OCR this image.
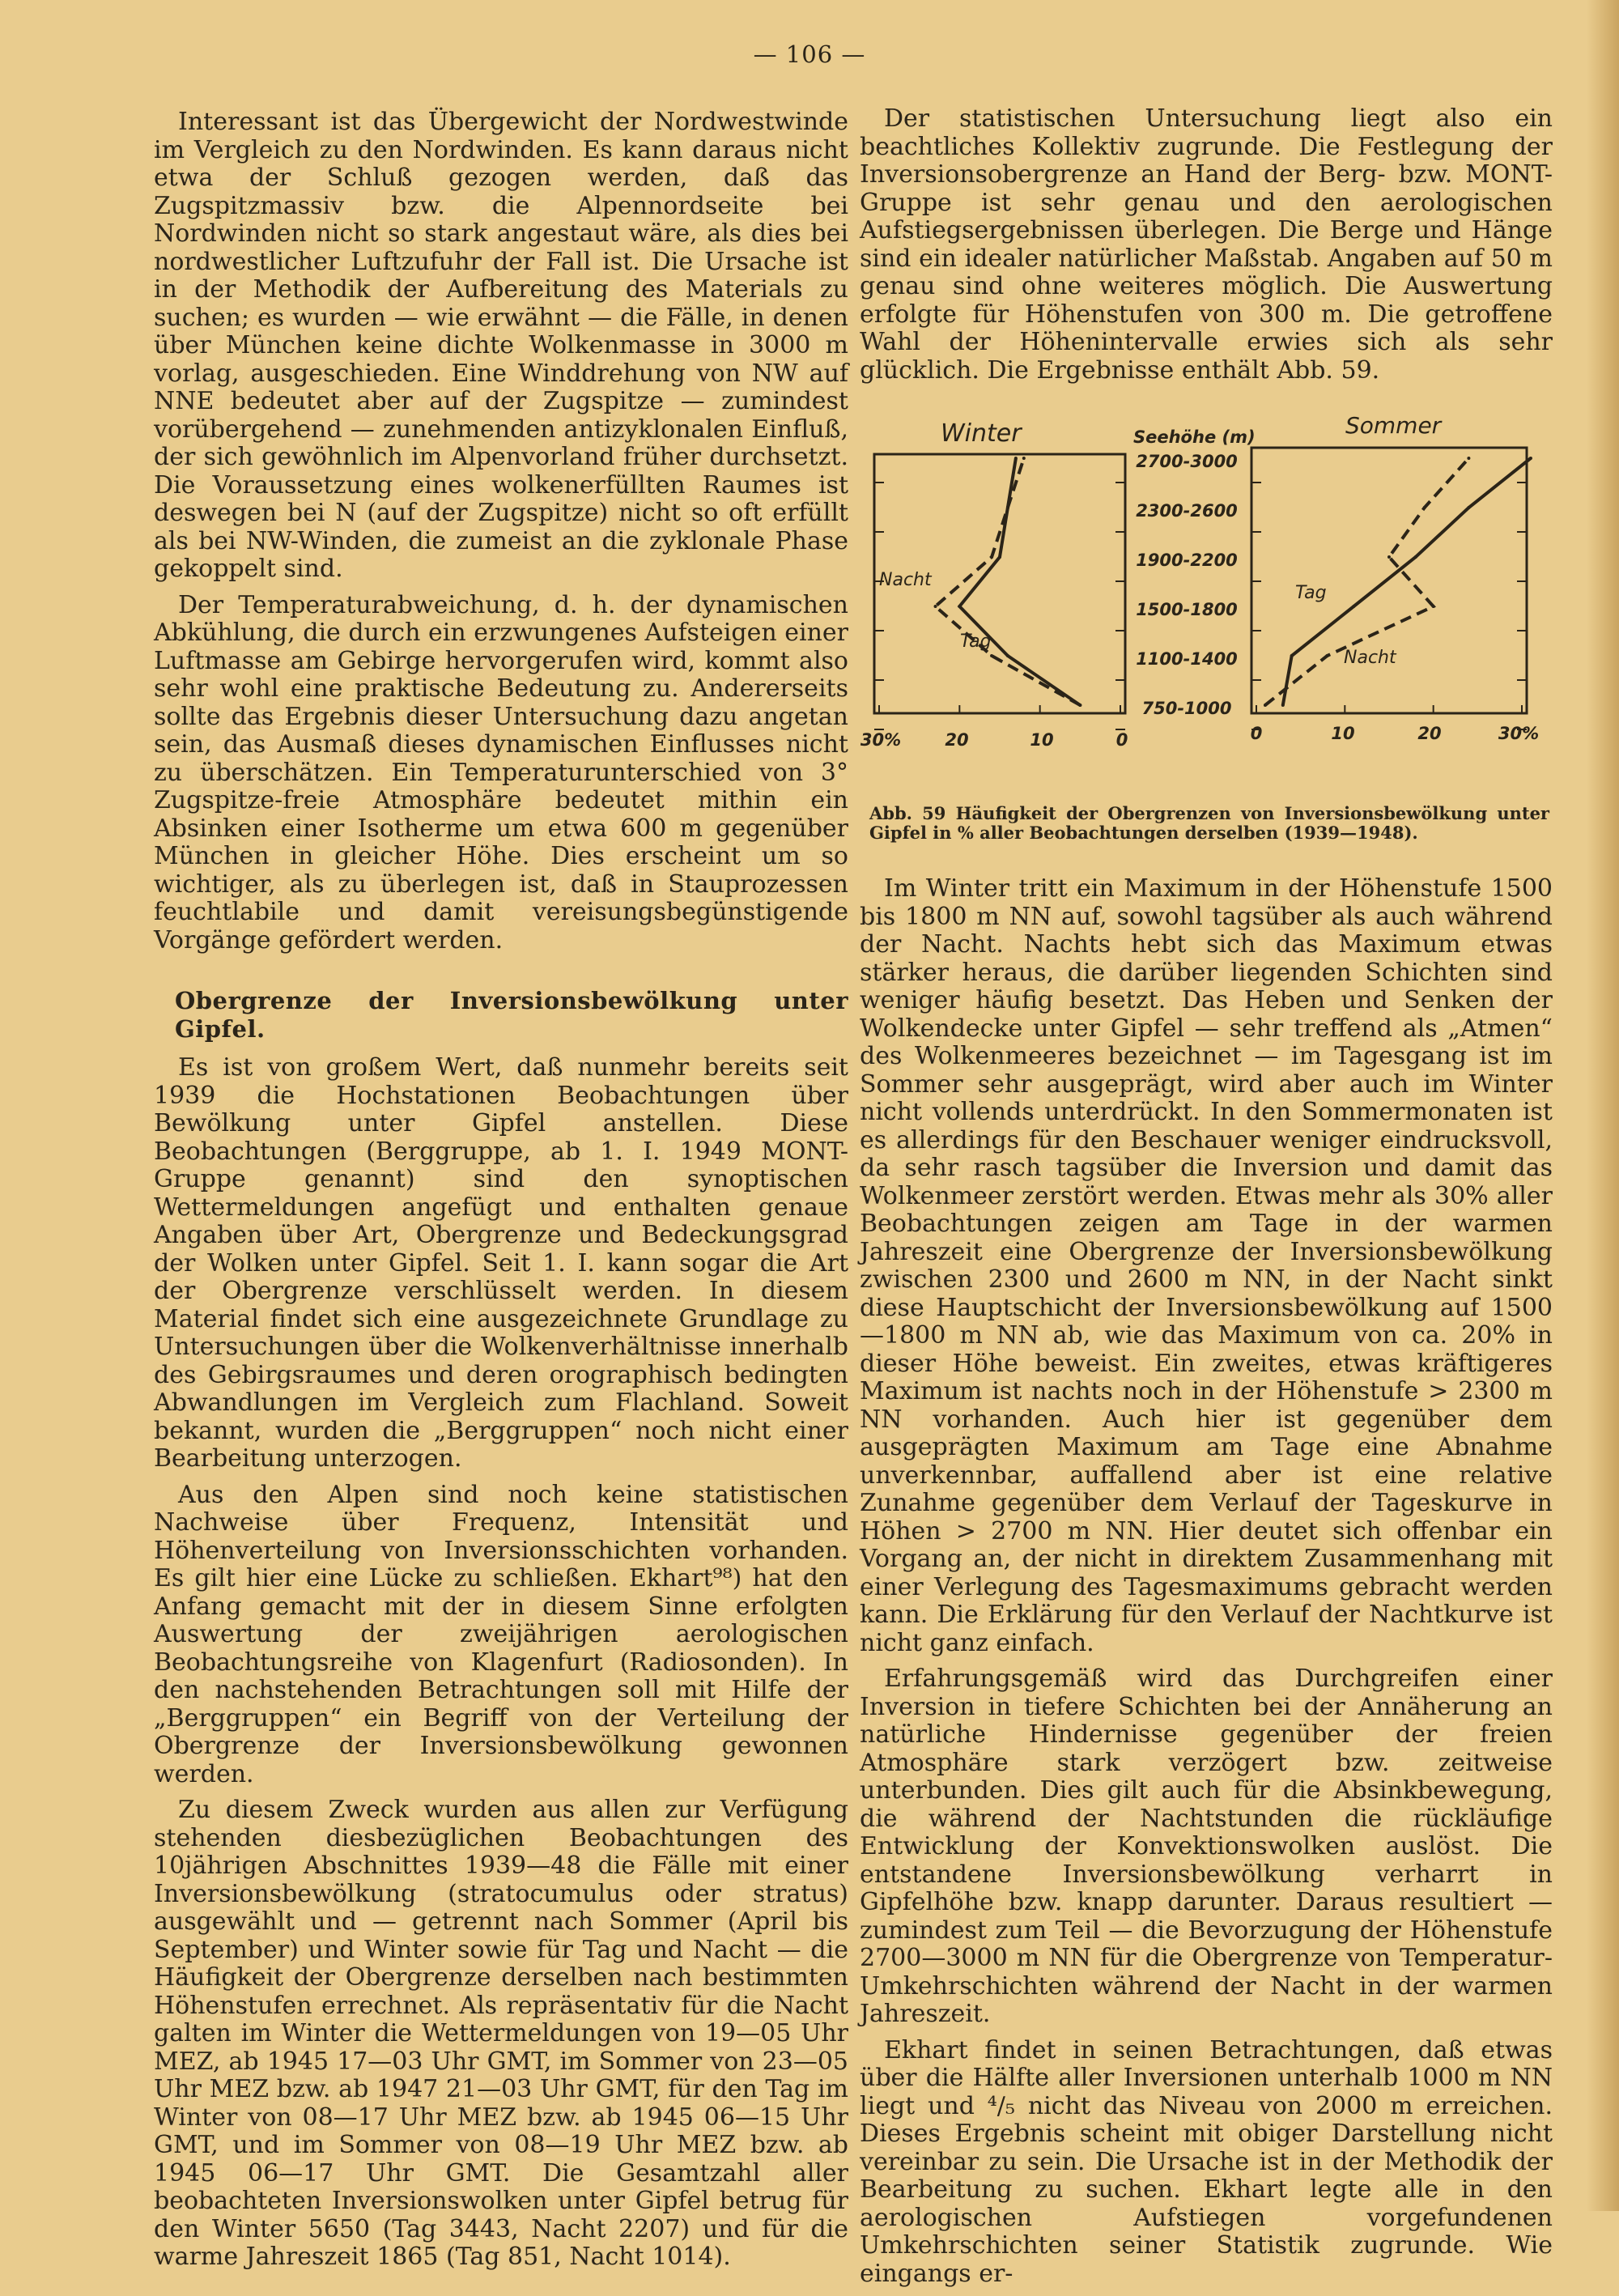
— 106 —

Interessant ist das Übergewicht der Nordwestwinde im Vergleich zu den Nordwinden. Es kann daraus nicht etwa der Schluß gezogen werden, daß das Zugspitzmassiv bzw. die Alpennordseite bei Nordwinden nicht so stark angestaut wäre, als dies bei nordwestlicher Luftzufuhr der Fall ist. Die Ursache ist in der Methodik der Aufbereitung des Materials zu suchen; es wurden — wie erwähnt — die Fälle, in denen über München keine dichte Wolkenmasse in 3000 m vorlag, ausgeschieden. Eine Winddrehung von NW auf NNE bedeutet aber auf der Zugspitze — zumindest vorübergehend — zunehmenden antizyklonalen Einfluß, der sich gewöhnlich im Alpenvorland früher durchsetzt. Die Voraussetzung eines wolkenerfüllten Raumes ist deswegen bei N (auf der Zugspitze) nicht so oft erfüllt als bei NW-Winden, die zumeist an die zyklonale Phase gekoppelt sind.

Der Temperaturabweichung, d. h. der dynamischen Abkühlung, die durch ein erzwungenes Aufsteigen einer Luftmasse am Gebirge hervorgerufen wird, kommt also sehr wohl eine praktische Bedeutung zu. Andererseits sollte das Ergebnis dieser Untersuchung dazu angetan sein, das Ausmaß dieses dynamischen Einflusses nicht zu überschätzen. Ein Temperaturunterschied von 3° Zugspitze-freie Atmosphäre bedeutet mithin ein Absinken einer Isotherme um etwa 600 m gegenüber München in gleicher Höhe. Dies erscheint um so wichtiger, als zu überlegen ist, daß in Stauprozessen feuchtlabile und damit vereisungsbegünstigende Vorgänge gefördert werden.

Obergrenze der Inversionsbewölkung unter Gipfel.

Es ist von großem Wert, daß nunmehr bereits seit 1939 die Hochstationen Beobachtungen über Bewölkung unter Gipfel anstellen. Diese Beobachtungen (Berggruppe, ab 1. I. 1949 MONT-Gruppe genannt) sind den synoptischen Wettermeldungen angefügt und enthalten genaue Angaben über Art, Obergrenze und Bedeckungsgrad der Wolken unter Gipfel. Seit 1. I. kann sogar die Art der Obergrenze verschlüsselt werden. In diesem Material findet sich eine ausgezeichnete Grundlage zu Untersuchungen über die Wolkenverhältnisse innerhalb des Gebirgsraumes und deren orographisch bedingten Abwandlungen im Vergleich zum Flachland. Soweit bekannt, wurden die „Berggruppen“ noch nicht einer Bearbeitung unterzogen.

Aus den Alpen sind noch keine statistischen Nachweise über Frequenz, Intensität und Höhenverteilung von Inversionsschichten vorhanden. Es gilt hier eine Lücke zu schließen. Ekhart⁹⁸) hat den Anfang gemacht mit der in diesem Sinne erfolgten Auswertung der zweijährigen aerologischen Beobachtungsreihe von Klagenfurt (Radiosonden). In den nachstehenden Betrachtungen soll mit Hilfe der „Berggruppen“ ein Begriff von der Verteilung der Obergrenze der Inversionsbewölkung gewonnen werden.

Zu diesem Zweck wurden aus allen zur Verfügung stehenden diesbezüglichen Beobachtungen des 10jährigen Abschnittes 1939—48 die Fälle mit einer Inversionsbewölkung (stratocumulus oder stratus) ausgewählt und — getrennt nach Sommer (April bis September) und Winter sowie für Tag und Nacht — die Häufigkeit der Obergrenze derselben nach bestimmten Höhenstufen errechnet. Als repräsentativ für die Nacht galten im Winter die Wettermeldungen von 19—05 Uhr MEZ, ab 1945 17—03 Uhr GMT, im Sommer von 23—05 Uhr MEZ bzw. ab 1947 21—03 Uhr GMT, für den Tag im Winter von 08—17 Uhr MEZ bzw. ab 1945 06—15 Uhr GMT, und im Sommer von 08—19 Uhr MEZ bzw. ab 1945 06—17 Uhr GMT. Die Gesamtzahl aller beobachteten Inversionswolken unter Gipfel betrug für den Winter 5650 (Tag 3443, Nacht 2207) und für die warme Jahreszeit 1865 (Tag 851, Nacht 1014).

Der statistischen Untersuchung liegt also ein beachtliches Kollektiv zugrunde. Die Festlegung der Inversionsobergrenze an Hand der Berg- bzw. MONT-Gruppe ist sehr genau und den aerologischen Aufstiegsergebnissen überlegen. Die Berge und Hänge sind ein idealer natürlicher Maßstab. Angaben auf 50 m genau sind ohne weiteres möglich. Die Auswertung erfolgte für Höhenstufen von 300 m. Die getroffene Wahl der Höhenintervalle erwies sich als sehr glücklich. Die Ergebnisse enthält Abb. 59.

Winter	Sommer
Seehöhe (m)
2700-3000
2300-2600
1900-2200
1500-1800
1100-1400
750-1000
30%	20	10	0	0	10	20	30%
Nacht
Tag
Tag
Nacht
Abb. 59 Häufigkeit der Obergrenzen von Inversionsbewölkung unter Gipfel in % aller Beobachtungen derselben (1939—1948).

Im Winter tritt ein Maximum in der Höhenstufe 1500 bis 1800 m NN auf, sowohl tagsüber als auch während der Nacht. Nachts hebt sich das Maximum etwas stärker heraus, die darüber liegenden Schichten sind weniger häufig besetzt. Das Heben und Senken der Wolkendecke unter Gipfel — sehr treffend als „Atmen“ des Wolkenmeeres bezeichnet — im Tagesgang ist im Sommer sehr ausgeprägt, wird aber auch im Winter nicht vollends unterdrückt. In den Sommermonaten ist es allerdings für den Beschauer weniger eindrucksvoll, da sehr rasch tagsüber die Inversion und damit das Wolkenmeer zerstört werden. Etwas mehr als 30% aller Beobachtungen zeigen am Tage in der warmen Jahreszeit eine Obergrenze der Inversionsbewölkung zwischen 2300 und 2600 m NN, in der Nacht sinkt diese Hauptschicht der Inversionsbewölkung auf 1500—1800 m NN ab, wie das Maximum von ca. 20% in dieser Höhe beweist. Ein zweites, etwas kräftigeres Maximum ist nachts noch in der Höhenstufe > 2300 m NN vorhanden. Auch hier ist gegenüber dem ausgeprägten Maximum am Tage eine Abnahme unverkennbar, auffallend aber ist eine relative Zunahme gegenüber dem Verlauf der Tageskurve in Höhen > 2700 m NN. Hier deutet sich offenbar ein Vorgang an, der nicht in direktem Zusammenhang mit einer Verlegung des Tagesmaximums gebracht werden kann. Die Erklärung für den Verlauf der Nachtkurve ist nicht ganz einfach.

Erfahrungsgemäß wird das Durchgreifen einer Inversion in tiefere Schichten bei der Annäherung an natürliche Hindernisse gegenüber der freien Atmosphäre stark verzögert bzw. zeitweise unterbunden. Dies gilt auch für die Absinkbewegung, die während der Nachtstunden die rückläufige Entwicklung der Konvektionswolken auslöst. Die entstandene Inversionsbewölkung verharrt in Gipfelhöhe bzw. knapp darunter. Daraus resultiert — zumindest zum Teil — die Bevorzugung der Höhenstufe 2700—3000 m NN für die Obergrenze von Temperatur-Umkehrschichten während der Nacht in der warmen Jahreszeit.

Ekhart findet in seinen Betrachtungen, daß etwas über die Hälfte aller Inversionen unterhalb 1000 m NN liegt und ⁴/₅ nicht das Niveau von 2000 m erreichen. Dieses Ergebnis scheint mit obiger Darstellung nicht vereinbar zu sein. Die Ursache ist in der Methodik der Bearbeitung zu suchen. Ekhart legte alle in den aerologischen Aufstiegen vorgefundenen Umkehrschichten seiner Statistik zugrunde. Wie eingangs er-
